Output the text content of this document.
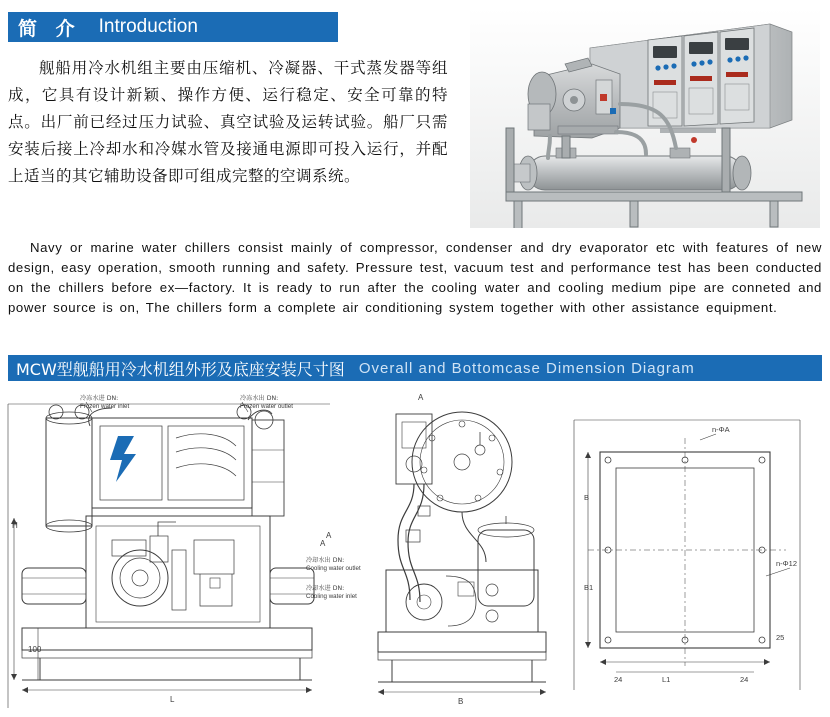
简 介 Introduction
舰船用冷水机组主要由压缩机、冷凝器、干式蒸发器等组成，它具有设计新颖、操作方便、运行稳定、安全可靠的特点。出厂前已经过压力试验、真空试验及运转试验。船厂只需安装后接上冷却水和冷媒水管及接通电源即可投入运行，并配上适当的其它辅助设备即可组成完整的空调系统。
Navy or marine water chillers consist mainly of compressor, condenser and dry evaporator etc with features of new design, easy operation, smooth running and safety. Pressure test, vacuum test and performance test has been conducted on the chillers before ex—factory. It is ready to run after the cooling water and cooling medium pipe are conneted and power source is on, The chillers form a complete air conditioning system together with other assistance equipment.
MCW型舰船用冷水机组外形及底座安装尺寸图 Overall and Bottomcase Dimension Diagram
H
100
L
A
A
冷冻水进 DN:
Frozen water inlet
冷冻水出 DN:
Frozen water outlet
冷却水出 DN:
Cooling water outlet
冷却水进 DN:
Cooling water inlet
B
A
B
B1
24	24
25
n-Φ12
n-ΦA
L1
